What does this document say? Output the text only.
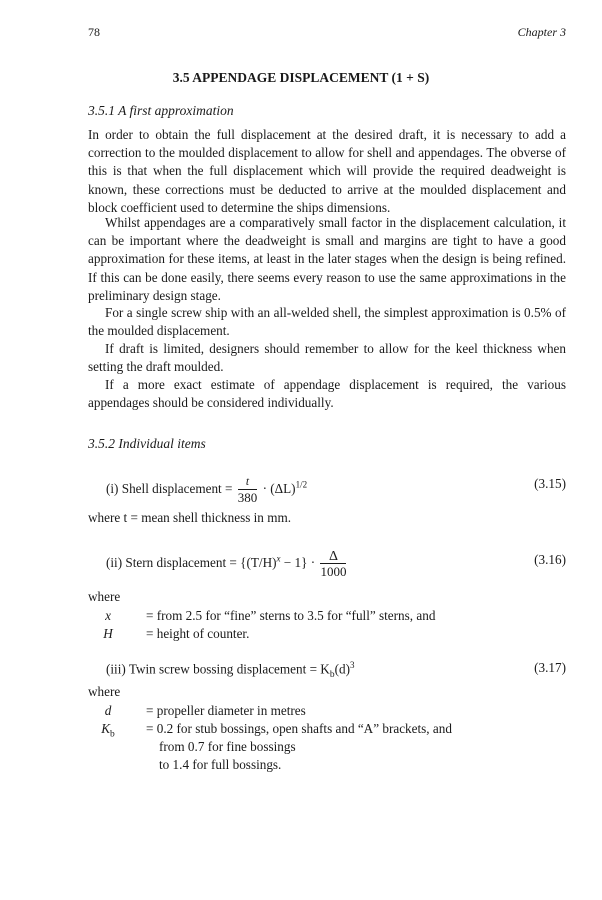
78	Chapter 3
3.5 APPENDAGE DISPLACEMENT (1 + S)
3.5.1 A first approximation

In order to obtain the full displacement at the desired draft, it is necessary to add a correction to the moulded displacement to allow for shell and appendages. The obverse of this is that when the full displacement which will provide the required deadweight is known, these corrections must be deducted to arrive at the moulded displacement and block coefficient used to determine the ships dimensions.

Whilst appendages are a comparatively small factor in the displacement calculation, it can be important where the deadweight is small and margins are tight to have a good approximation for these items, at least in the later stages when the design is being refined. If this can be done easily, there seems every reason to use the same approximations in the preliminary design stage.

For a single screw ship with an all-welded shell, the simplest approximation is 0.5% of the moulded displacement.

If draft is limited, designers should remember to allow for the keel thickness when setting the draft moulded.

If a more exact estimate of appendage displacement is required, the various appendages should be considered individually.

3.5.2 Individual items
(i) Shell displacement = $\frac{t}{380} \cdot (\Delta L)^{1/2}$	(3.15)
where t = mean shell thickness in mm.
(ii) Stern displacement = $\{(T/H)^x - 1\} \cdot \frac{\Delta}{1000}$	(3.16)
where
x	= from 2.5 for “fine” sterns to 3.5 for “full” sterns, and
H	= height of counter.
(iii) Twin screw bossing displacement = $K_b(d)^3$	(3.17)
where
d	= propeller diameter in metres
$K_b$	= 0.2 for stub bossings, open shafts and “A” brackets, and
from 0.7 for fine bossings
to 1.4 for full bossings.
